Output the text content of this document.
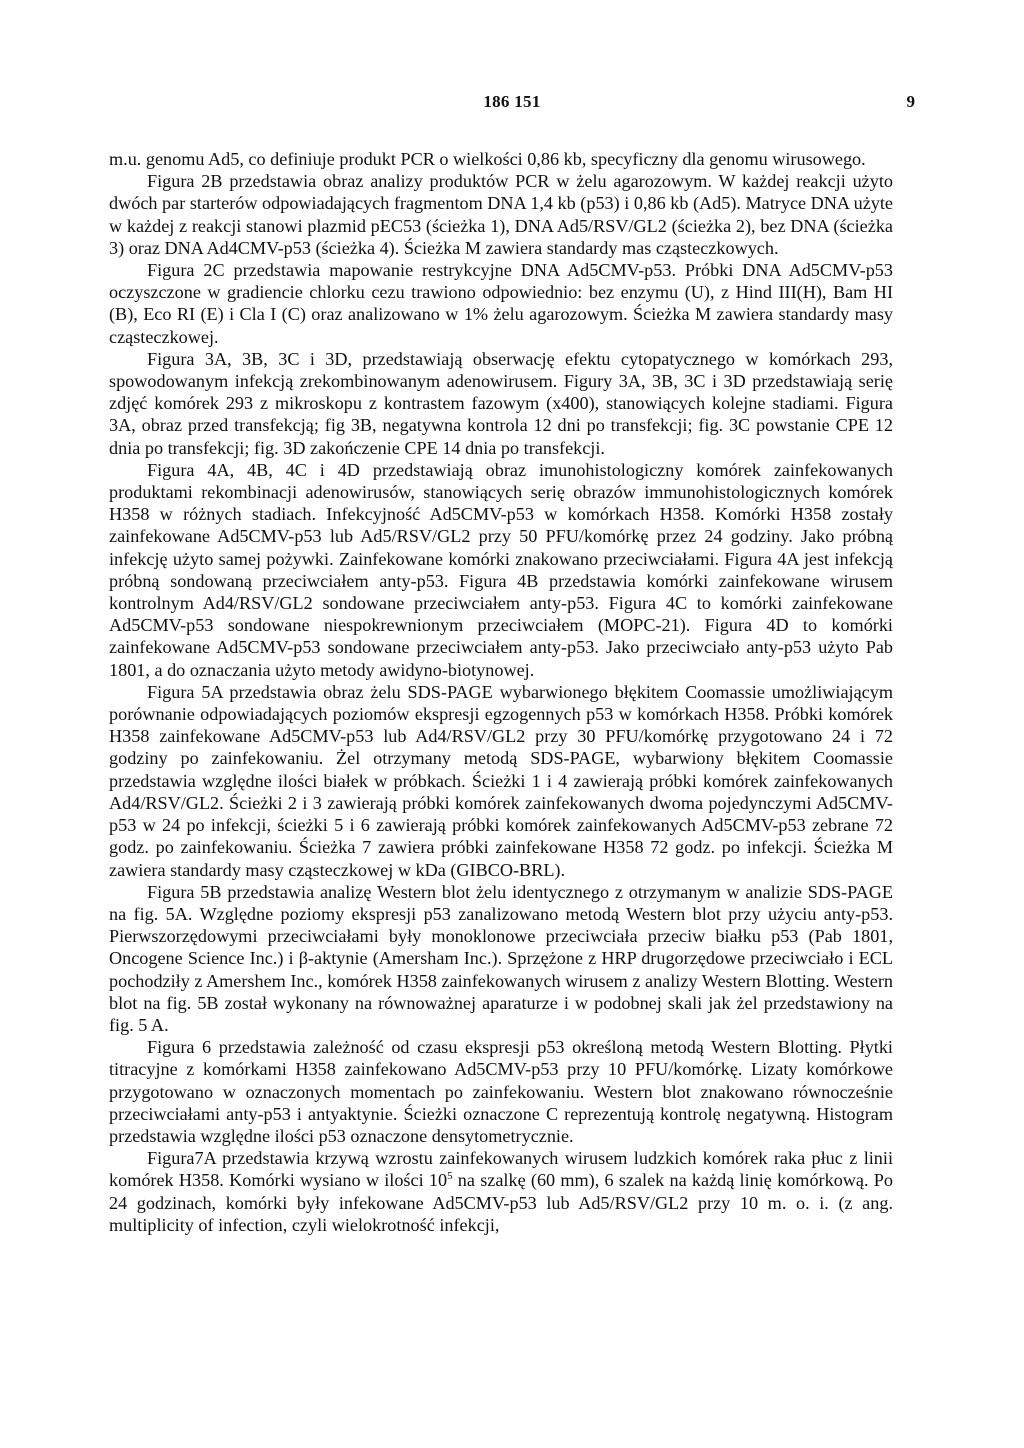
186 151	9

m.u. genomu Ad5, co definiuje produkt PCR o wielkości 0,86 kb, specyficzny dla genomu wirusowego.

Figura 2B przedstawia obraz analizy produktów PCR w żelu agarozowym. W każdej reakcji użyto dwóch par starterów odpowiadających fragmentom DNA 1,4 kb (p53) i 0,86 kb (Ad5). Matryce DNA użyte w każdej z reakcji stanowi plazmid pEC53 (ścieżka 1), DNA Ad5/RSV/GL2 (ścieżka 2), bez DNA (ścieżka 3) oraz DNA Ad4CMV-p53 (ścieżka 4). Ścieżka M zawiera standardy mas cząsteczkowych.

Figura 2C przedstawia mapowanie restrykcyjne DNA Ad5CMV-p53. Próbki DNA Ad5CMV-p53 oczyszczone w gradiencie chlorku cezu trawiono odpowiednio: bez enzymu (U), z Hind III(H), Bam HI (B), Eco RI (E) i Cla I (C) oraz analizowano w 1% żelu agarozowym. Ścieżka M zawiera standardy masy cząsteczkowej.

Figura 3A, 3B, 3C i 3D, przedstawiają obserwację efektu cytopatycznego w komórkach 293, spowodowanym infekcją zrekombinowanym adenowirusem. Figury 3A, 3B, 3C i 3D przedstawiają serię zdjęć komórek 293 z mikroskopu z kontrastem fazowym (x400), stanowiących kolejne stadiami. Figura 3A, obraz przed transfekcją; fig 3B, negatywna kontrola 12 dni po transfekcji; fig. 3C powstanie CPE 12 dnia po transfekcji; fig. 3D zakończenie CPE 14 dnia po transfekcji.

Figura 4A, 4B, 4C i 4D przedstawiają obraz imunohistologiczny komórek zainfekowanych produktami rekombinacji adenowirusów, stanowiących serię obrazów immunohistologicznych komórek H358 w różnych stadiach. Infekcyjność Ad5CMV-p53 w komórkach H358. Komórki H358 zostały zainfekowane Ad5CMV-p53 lub Ad5/RSV/GL2 przy 50 PFU/komórkę przez 24 godziny. Jako próbną infekcję użyto samej pożywki. Zainfekowane komórki znakowano przeciwciałami. Figura 4A jest infekcją próbną sondowaną przeciwciałem anty-p53. Figura 4B przedstawia komórki zainfekowane wirusem kontrolnym Ad4/RSV/GL2 sondowane przeciwciałem anty-p53. Figura 4C to komórki zainfekowane Ad5CMV-p53 sondowane niespokrewnionym przeciwciałem (MOPC-21). Figura 4D to komórki zainfekowane Ad5CMV-p53 sondowane przeciwciałem anty-p53. Jako przeciwciało anty-p53 użyto Pab 1801, a do oznaczania użyto metody awidyno-biotynowej.

Figura 5A przedstawia obraz żelu SDS-PAGE wybarwionego błękitem Coomassie umożliwiającym porównanie odpowiadających poziomów ekspresji egzogennych p53 w komórkach H358. Próbki komórek H358 zainfekowane Ad5CMV-p53 lub Ad4/RSV/GL2 przy 30 PFU/komórkę przygotowano 24 i 72 godziny po zainfekowaniu. Żel otrzymany metodą SDS-PAGE, wybarwiony błękitem Coomassie przedstawia względne ilości białek w próbkach. Ścieżki 1 i 4 zawierają próbki komórek zainfekowanych Ad4/RSV/GL2. Ścieżki 2 i 3 zawierają próbki komórek zainfekowanych dwoma pojedynczymi Ad5CMV-p53 w 24 po infekcji, ścieżki 5 i 6 zawierają próbki komórek zainfekowanych Ad5CMV-p53 zebrane 72 godz. po zainfekowaniu. Ścieżka 7 zawiera próbki zainfekowane H358 72 godz. po infekcji. Ścieżka M zawiera standardy masy cząsteczkowej w kDa (GIBCO-BRL).

Figura 5B przedstawia analizę Western blot żelu identycznego z otrzymanym w analizie SDS-PAGE na fig. 5A. Względne poziomy ekspresji p53 zanalizowano metodą Western blot przy użyciu anty-p53. Pierwszorzędowymi przeciwciałami były monoklonowe przeciwciała przeciw białku p53 (Pab 1801, Oncogene Science Inc.) i β-aktynie (Amersham Inc.). Sprzężone z HRP drugorzędowe przeciwciało i ECL pochodziły z Amershem Inc., komórek H358 zainfekowanych wirusem z analizy Western Blotting. Western blot na fig. 5B został wykonany na równoważnej aparaturze i w podobnej skali jak żel przedstawiony na fig. 5 A.

Figura 6 przedstawia zależność od czasu ekspresji p53 określoną metodą Western Blotting. Płytki titracyjne z komórkami H358 zainfekowano Ad5CMV-p53 przy 10 PFU/komórkę. Lizaty komórkowe przygotowano w oznaczonych momentach po zainfekowaniu. Western blot znakowano równocześnie przeciwciałami anty-p53 i antyaktynie. Ścieżki oznaczone C reprezentują kontrolę negatywną. Histogram przedstawia względne ilości p53 oznaczone densytometrycznie.

Figura7A przedstawia krzywą wzrostu zainfekowanych wirusem ludzkich komórek raka płuc z linii komórek H358. Komórki wysiano w ilości $10^5$ na szalkę (60 mm), 6 szalek na każdą linię komórkową. Po 24 godzinach, komórki były infekowane Ad5CMV-p53 lub Ad5/RSV/GL2 przy 10 m. o. i. (z ang. multiplicity of infection, czyli wielokrotność infekcji,
